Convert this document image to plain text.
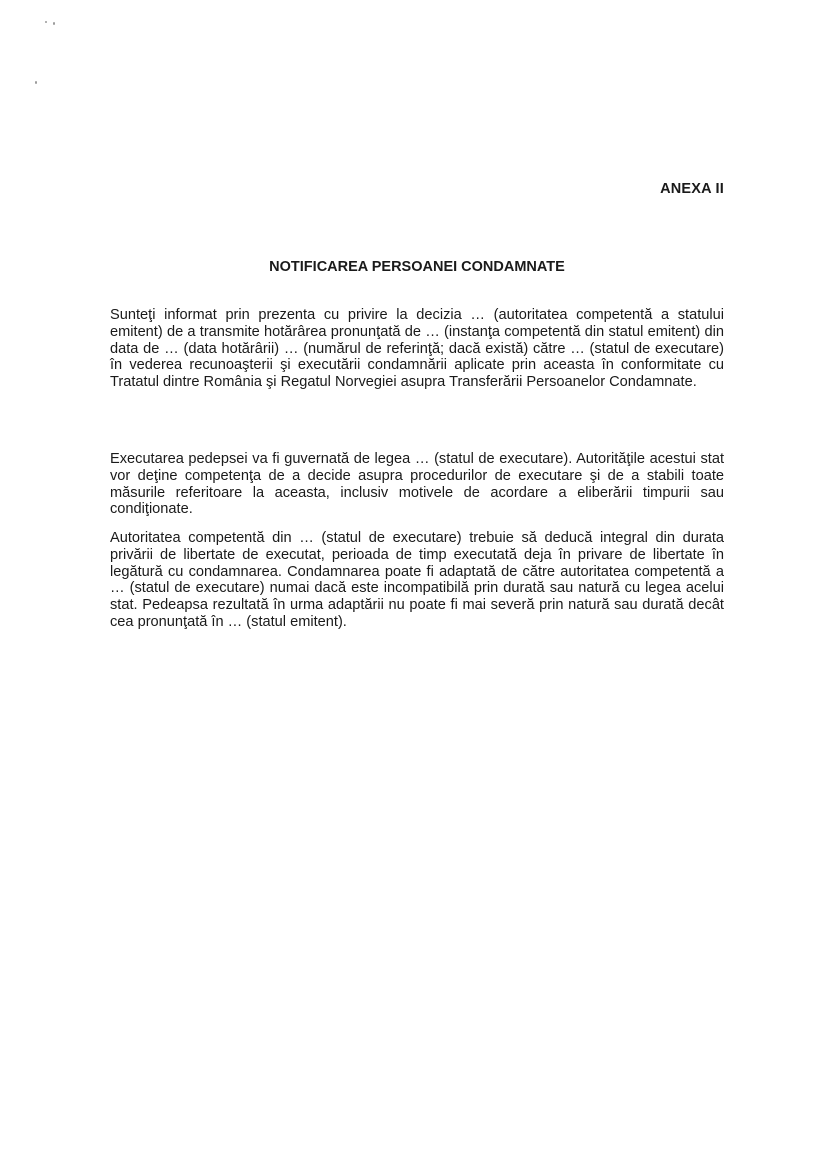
ANEXA II

NOTIFICAREA PERSOANEI CONDAMNATE

Sunteţi informat prin prezenta cu privire la decizia … (autoritatea competentă a statului emitent) de a transmite hotărârea pronunţată de … (instanţa competentă din statul emitent) din data de … (data hotărârii) … (numărul de referinţă; dacă există) către … (statul de executare) în vederea recunoaşterii şi executării condamnării aplicate prin aceasta în conformitate cu Tratatul dintre România şi Regatul Norvegiei asupra Transferării Persoanelor Condamnate.

Executarea pedepsei va fi guvernată de legea … (statul de executare). Autorităţile acestui stat vor deţine competenţa de a decide asupra procedurilor de executare şi de a stabili toate măsurile referitoare la aceasta, inclusiv motivele de acordare a eliberării timpurii sau condiţionate.

Autoritatea competentă din … (statul de executare) trebuie să deducă integral din durata privării de libertate de executat, perioada de timp executată deja în privare de libertate în legătură cu condamnarea. Condamnarea poate fi adaptată de către autoritatea competentă a … (statul de executare) numai dacă este incompatibilă prin durată sau natură cu legea acelui stat. Pedeapsa rezultată în urma adaptării nu poate fi mai severă prin natură sau durată decât cea pronunţată în … (statul emitent).
